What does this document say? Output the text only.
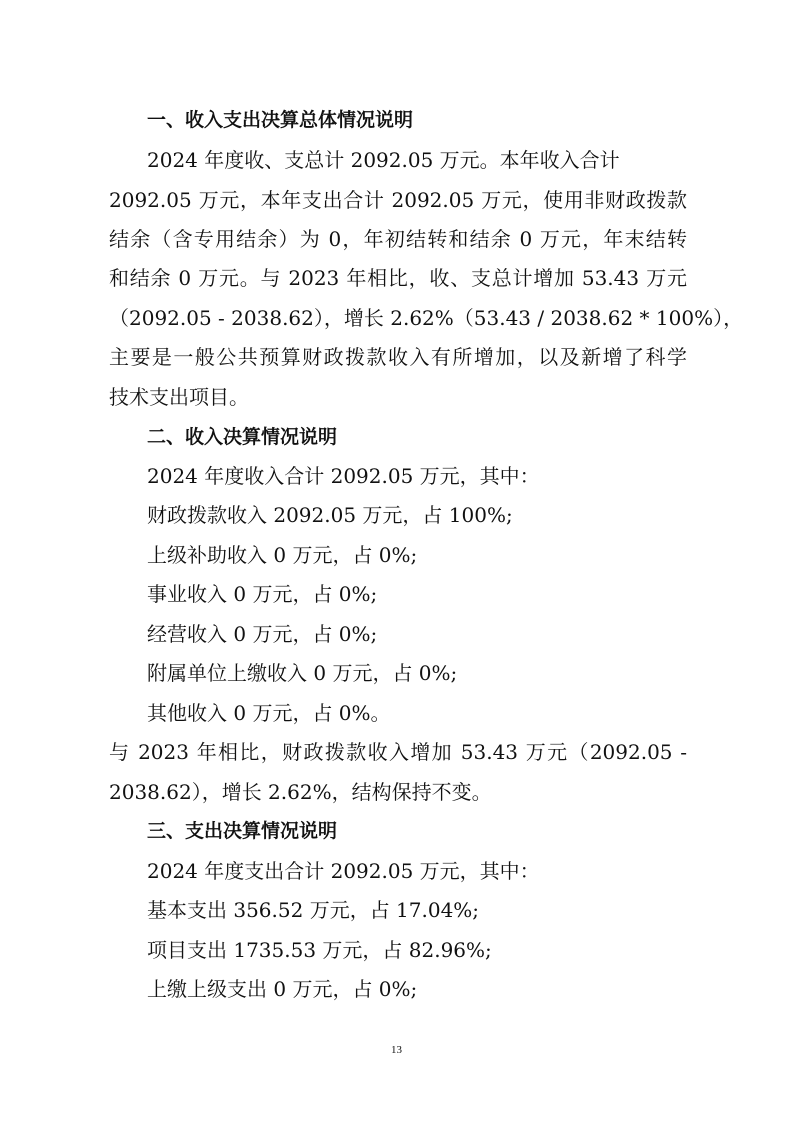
一、收入支出决算总体情况说明
2024 年度收、支总计 2092.05 万元。本年收入合计
2092.05 万元，本年支出合计 2092.05 万元，使用非财政拨款
结余（含专用结余）为 0，年初结转和结余 0 万元，年末结转
和结余 0 万元。与 2023 年相比，收、支总计增加 53.43 万元
（2092.05 - 2038.62），增长 2.62%（53.43 / 2038.62 * 100%），
主要是一般公共预算财政拨款收入有所增加，以及新增了科学
技术支出项目。
二、收入决算情况说明
2024 年度收入合计 2092.05 万元，其中：
财政拨款收入 2092.05 万元，占 100%;
上级补助收入 0 万元，占 0%;
事业收入 0 万元，占 0%;
经营收入 0 万元，占 0%;
附属单位上缴收入 0 万元，占 0%;
其他收入 0 万元，占 0%。
与 2023 年相比，财政拨款收入增加 53.43 万元（2092.05 -
2038.62），增长 2.62%，结构保持不变。
三、支出决算情况说明
2024 年度支出合计 2092.05 万元，其中：
基本支出 356.52 万元，占 17.04%;
项目支出 1735.53 万元，占 82.96%;
上缴上级支出 0 万元，占 0%;
13
